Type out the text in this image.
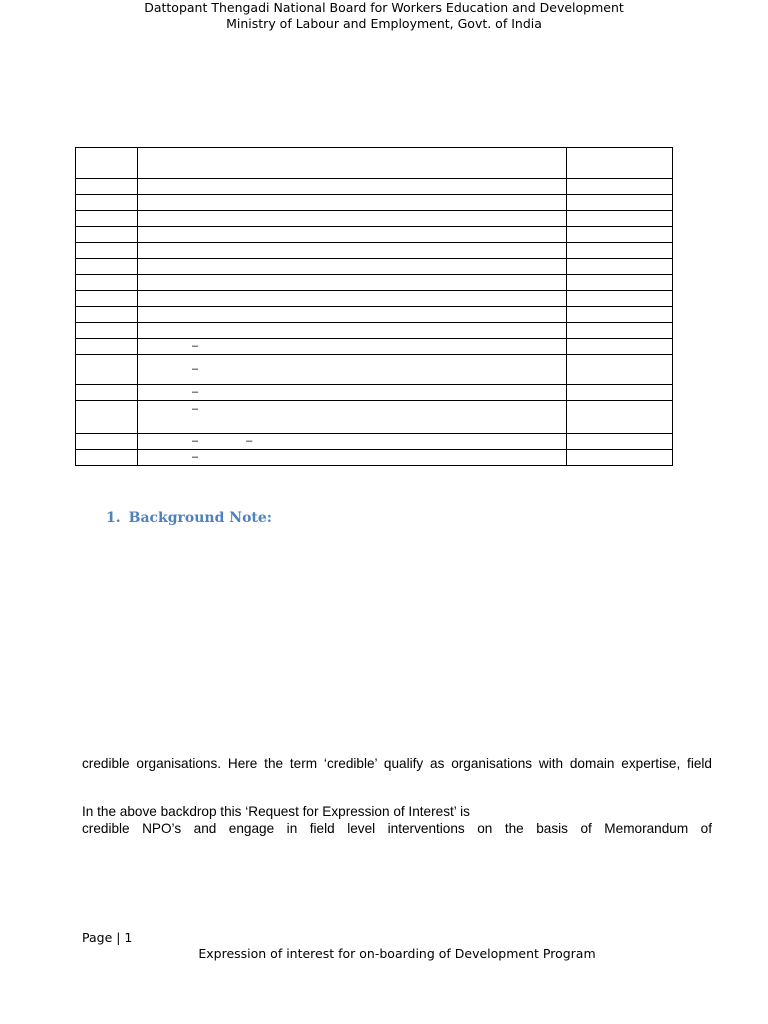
Dattopant Thengadi National Board for Workers Education and Development
Ministry of Labour and Employment, Govt. of India

	–	
	–	
	–	
	–	
	– –	
	–	
1. Background Note:
credible organisations. Here the term ‘credible’ qualify as organisations with domain expertise, field
In the above backdrop this ‘Request for Expression of Interest’ is
credible NPO’s and engage in field level interventions on the basis of Memorandum of
Page | 1
Expression of interest for on-boarding of Development Program
